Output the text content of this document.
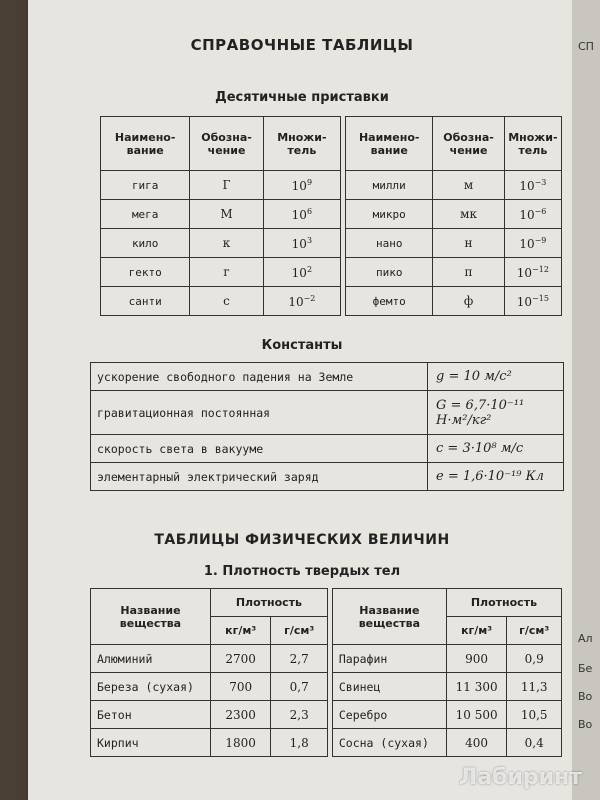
СПРАВОЧНЫЕ ТАБЛИЦЫ
Десятичные приставки
Наимено-вание	Обозна-чение	Множи-тель		Наимено-вание	Обозна-чение	Множи-тель
гига	Г	$10^9$		милли	м	$10^{-3}$
мега	М	$10^6$		микро	мк	$10^{-6}$
кило	к	$10^3$		нано	н	$10^{-9}$
гекто	г	$10^2$		пико	п	$10^{-12}$
санти	с	$10^{-2}$		фемто	ф	$10^{-15}$
Константы
ускорение свободного падения на Земле	g = 10 м/с²
гравитационная постоянная	G = 6,7·10⁻¹¹ Н·м²/кг²
скорость света в вакууме	c = 3·10⁸ м/с
элементарный электрический заряд	e = 1,6·10⁻¹⁹ Кл
ТАБЛИЦЫ ФИЗИЧЕСКИХ ВЕЛИЧИН
1. Плотность твердых тел
Название вещества	Плотность			Название вещества	Плотность	
	кг/м³	г/см³			кг/м³	г/см³
Алюминий	2700	2,7		Парафин	900	0,9
Береза (сухая)	700	0,7		Свинец	11 300	11,3
Бетон	2300	2,3		Серебро	10 500	10,5
Кирпич	1800	1,8		Сосна (сухая)	400	0,4
СП
Ал
Бе
Во
Во
Лабиринт
